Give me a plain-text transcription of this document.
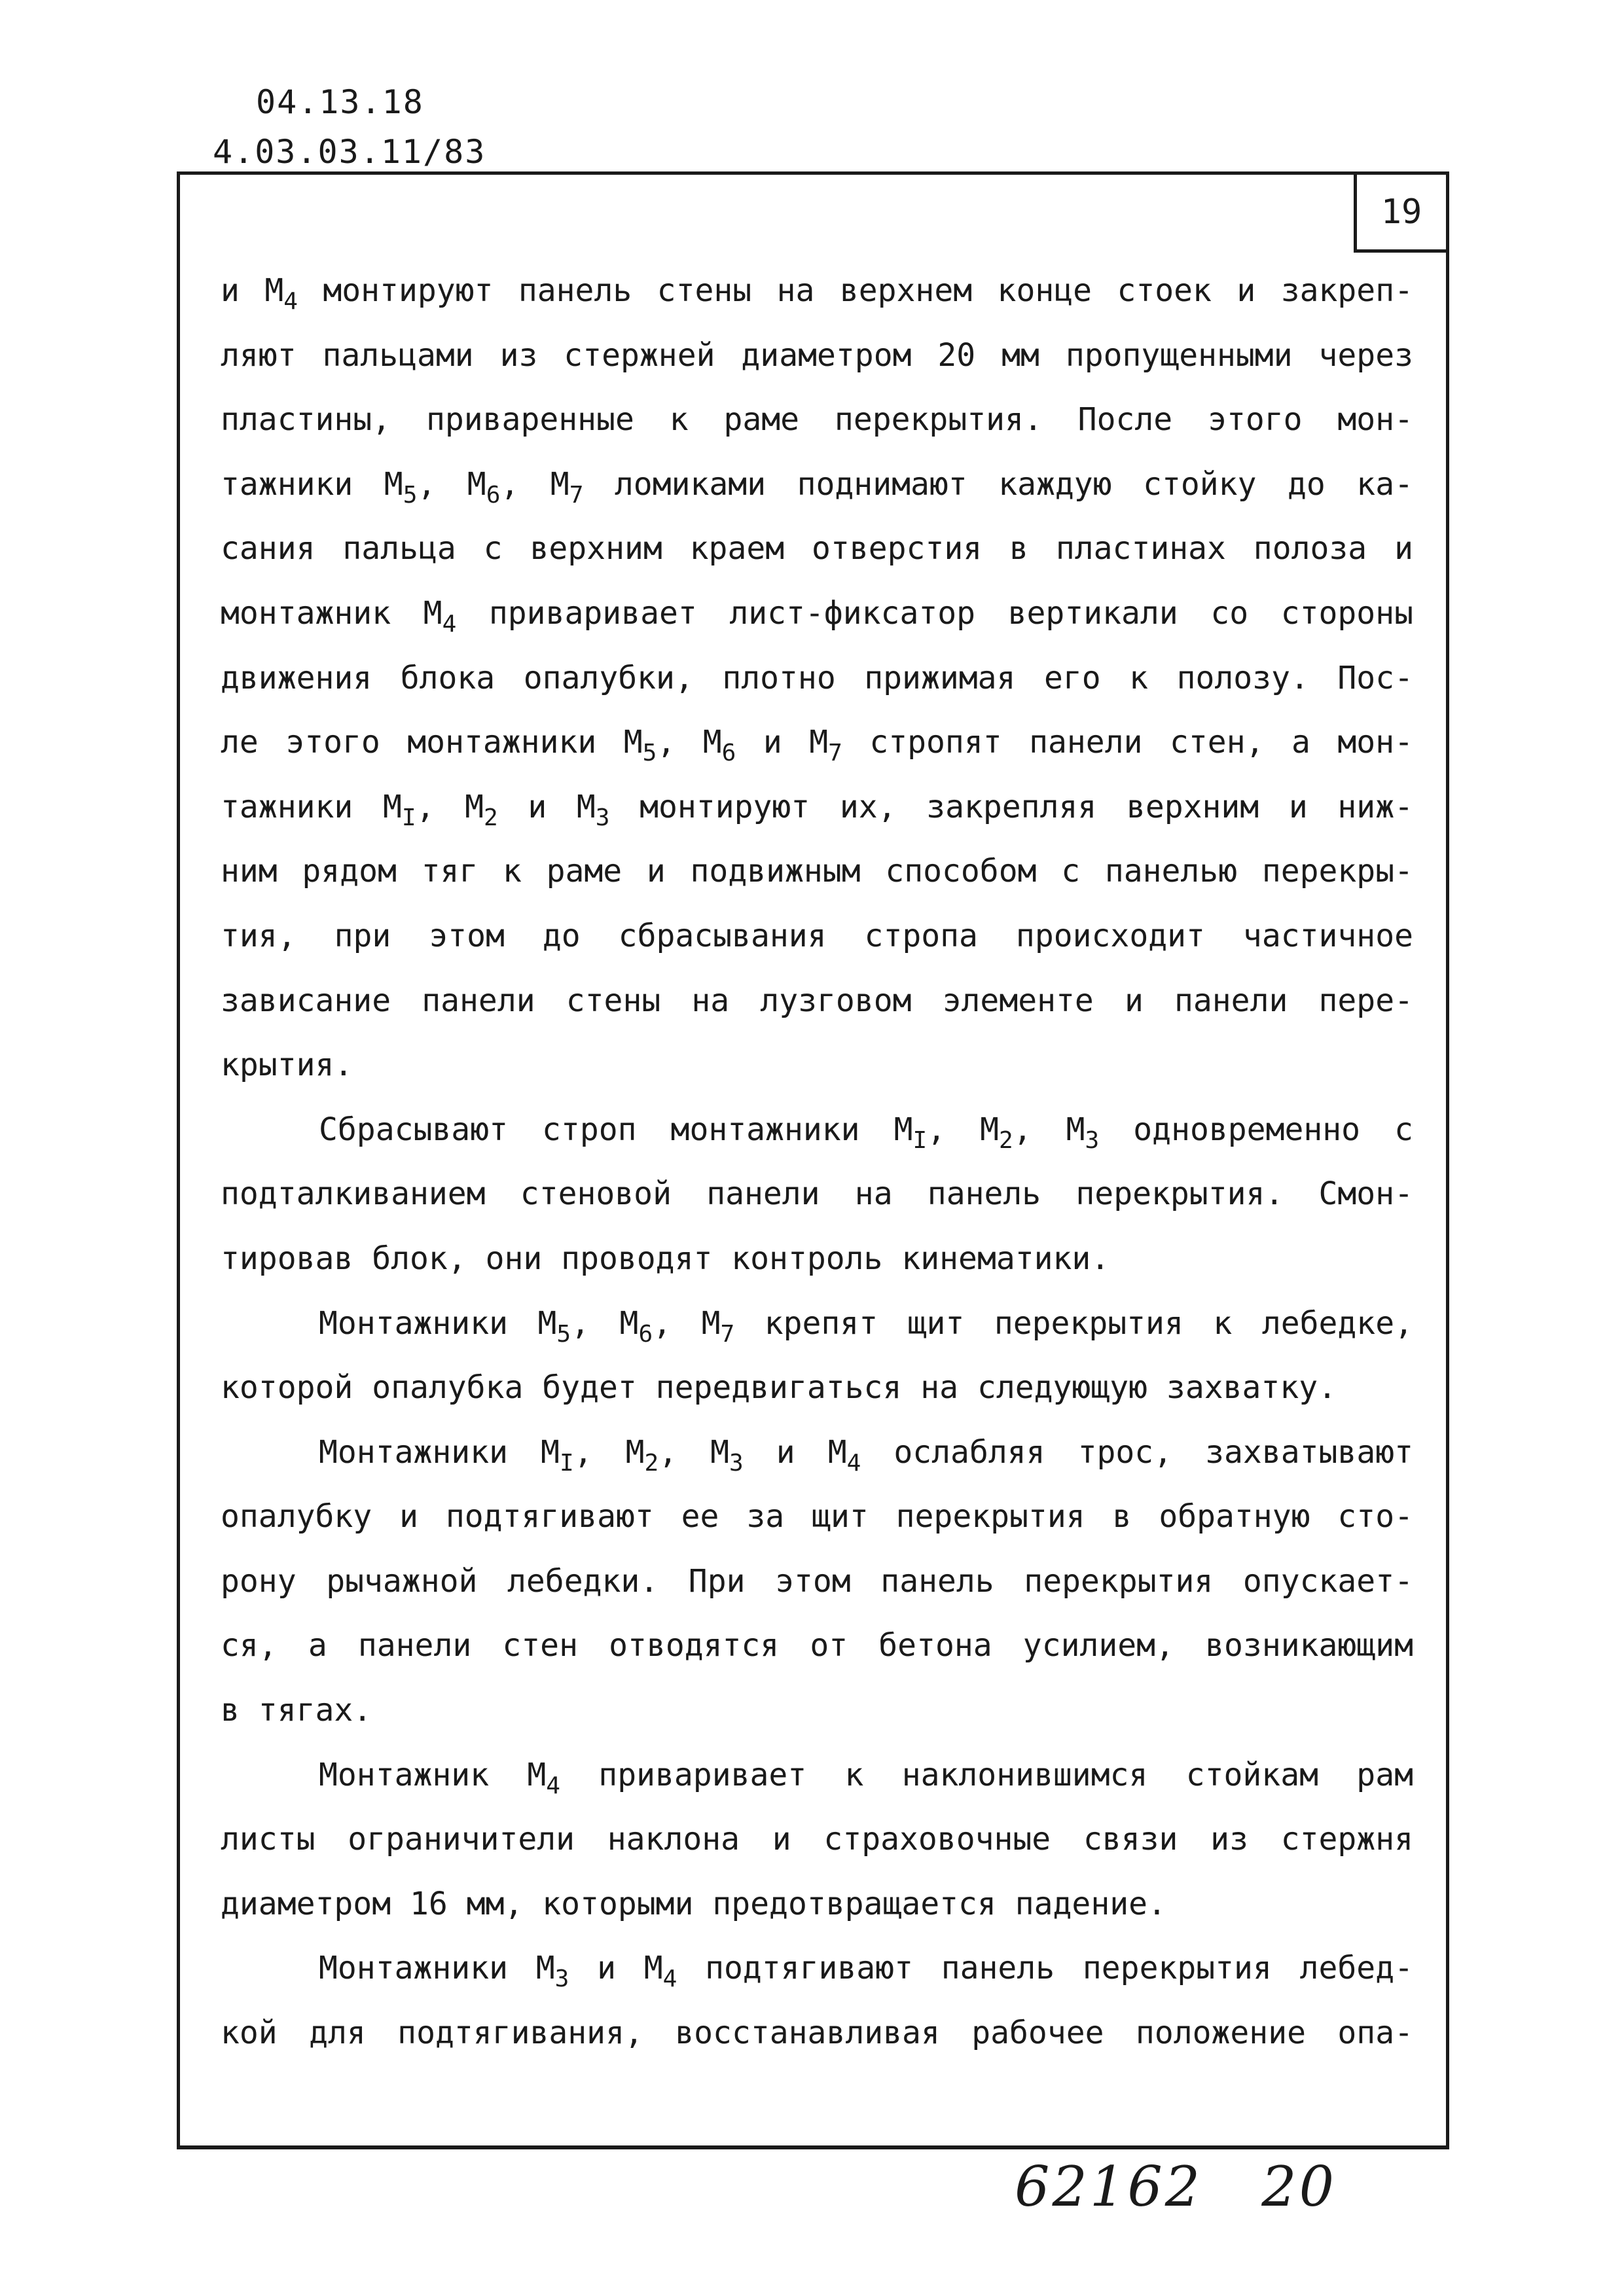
04.13.18
4.03.03.11/83
19
и $М_4$ монтируют панель стены на верхнем конце стоек и закреп-
ляют пальцами из стержней диаметром 20 мм пропущенными через
пластины, приваренные к раме перекрытия. После этого мон-
тажники $М_5$, $М_6$, $М_7$ ломиками поднимают каждую стойку до ка-
сания пальца с верхним краем отверстия в пластинах полоза и
монтажник $М_4$ приваривает лист-фиксатор вертикали со стороны
движения блока опалубки, плотно прижимая его к полозу. Пос-
ле этого монтажники $М_5$, $М_6$ и $М_7$ стропят панели стен, а мон-
тажники $М_I$, $М_2$ и $М_3$ монтируют их, закрепляя верхним и ниж-
ним рядом тяг к раме и подвижным способом с панелью перекры-
тия, при этом до сбрасывания стропа происходит частичное
зависание панели стены на лузговом элементе и панели пере-
крытия.
Сбрасывают строп монтажники $М_I$, $М_2$, $М_3$ одновременно с
подталкиванием стеновой панели на панель перекрытия. Смон-
тировав блок, они проводят контроль кинематики.
Монтажники $М_5$, $М_6$, $М_7$ крепят щит перекрытия к лебедке,
которой опалубка будет передвигаться на следующую захватку.
Монтажники $М_I$, $М_2$, $М_3$ и $М_4$ ослабляя трос, захватывают
опалубку и подтягивают ее за щит перекрытия в обратную сто-
рону рычажной лебедки. При этом панель перекрытия опускает-
ся, а панели стен отводятся от бетона усилием, возникающим
в тягах.
Монтажник $М_4$ приваривает к наклонившимся стойкам рам
листы ограничители наклона и страховочные связи из стержня
диаметром 16 мм, которыми предотвращается падение.
Монтажники $М_3$ и $М_4$ подтягивают панель перекрытия лебед-
кой для подтягивания, восстанавливая рабочее положение опа-
62162 20
